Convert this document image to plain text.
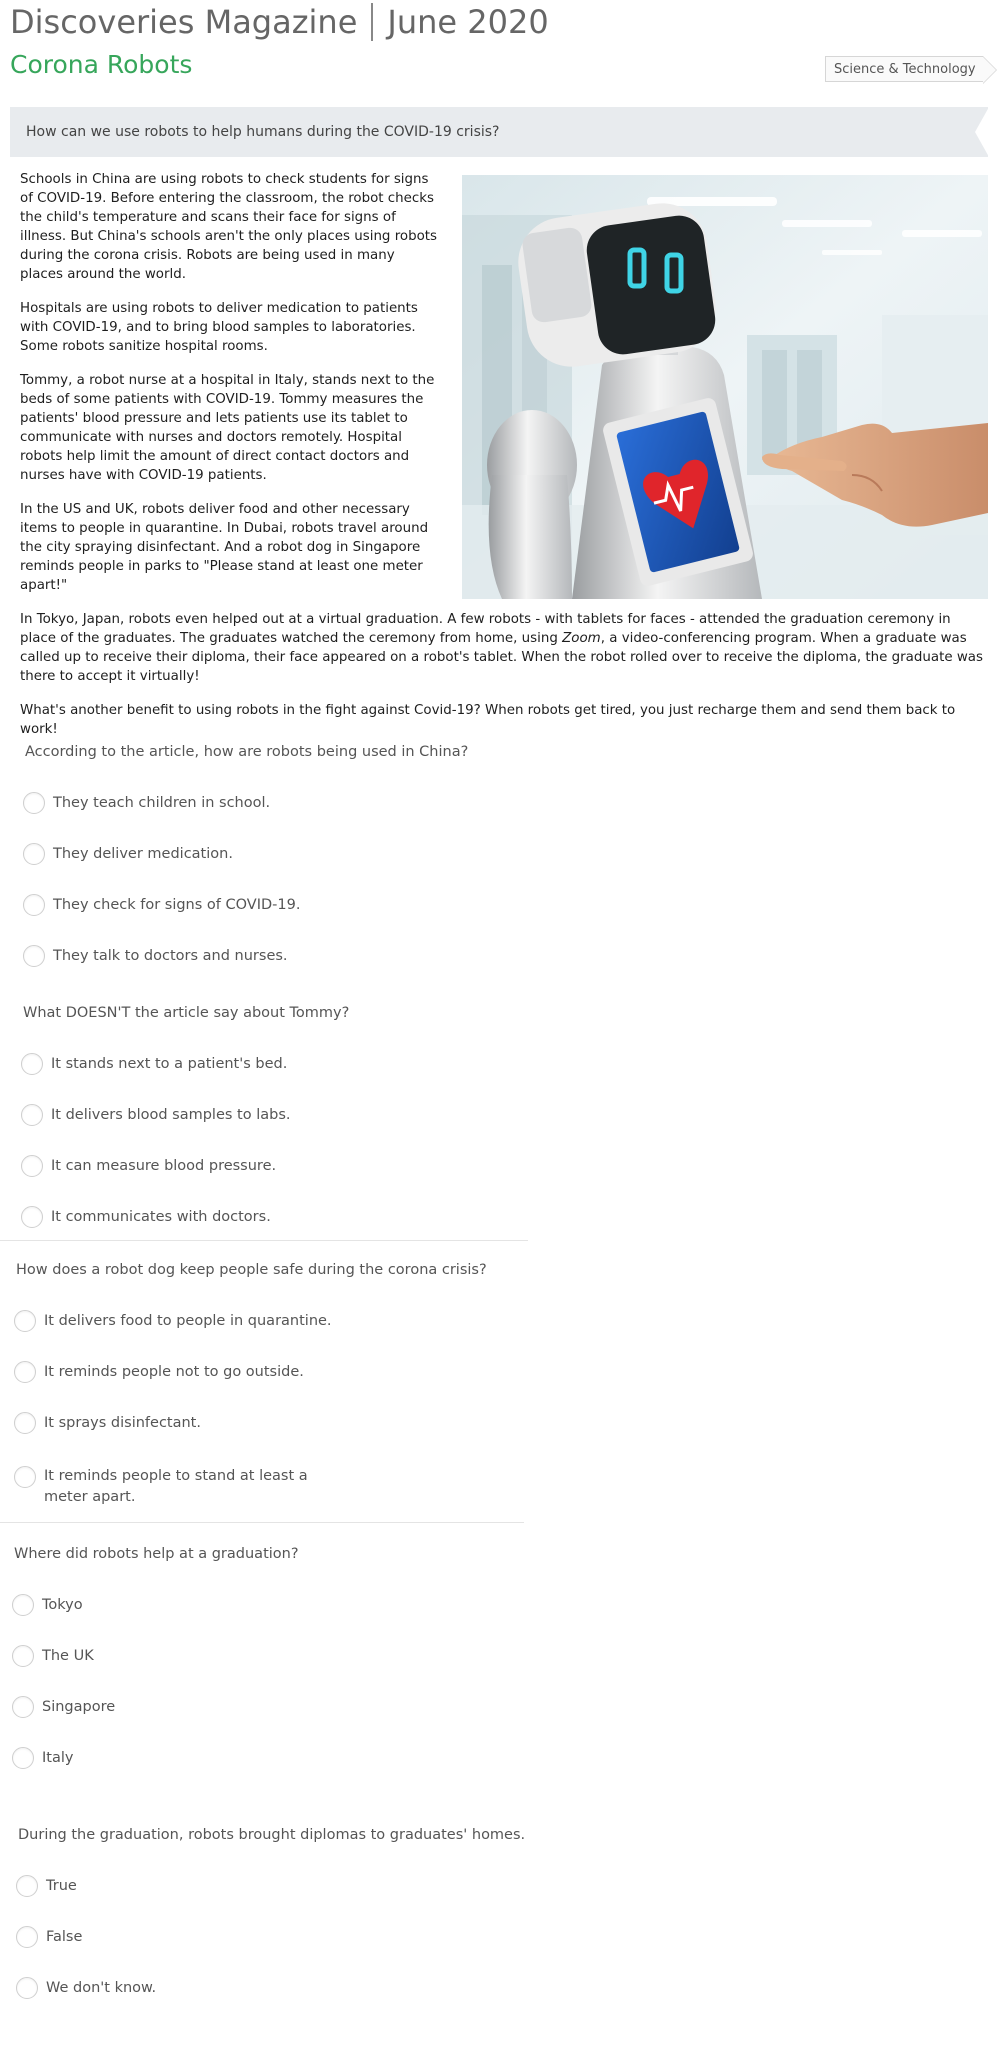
Discoveries Magazine June 2020
Corona Robots	Science & Technology
How can we use robots to help humans during the COVID-19 crisis?

Schools in China are using robots to check students for signs of COVID-19. Before entering the classroom, the robot checks the child's temperature and scans their face for signs of illness. But China's schools aren't the only places using robots during the corona crisis. Robots are being used in many places around the world.

Hospitals are using robots to deliver medication to patients with COVID-19, and to bring blood samples to laboratories. Some robots sanitize hospital rooms.

Tommy, a robot nurse at a hospital in Italy, stands next to the beds of some patients with COVID-19. Tommy measures the patients' blood pressure and lets patients use its tablet to communicate with nurses and doctors remotely. Hospital robots help limit the amount of direct contact doctors and nurses have with COVID-19 patients.

In the US and UK, robots deliver food and other necessary items to people in quarantine. In Dubai, robots travel around the city spraying disinfectant. And a robot dog in Singapore reminds people in parks to "Please stand at least one meter apart!"

In Tokyo, Japan, robots even helped out at a virtual graduation. A few robots - with tablets for faces - attended the graduation ceremony in place of the graduates. The graduates watched the ceremony from home, using Zoom, a video-conferencing program. When a graduate was called up to receive their diploma, their face appeared on a robot's tablet. When the robot rolled over to receive the diploma, the graduate was there to accept it virtually!

What's another benefit to using robots in the fight against Covid-19? When robots get tired, you just recharge them and send them back to work!

According to the article, how are robots being used in China?
They teach children in school.
They deliver medication.
They check for signs of COVID-19.
They talk to doctors and nurses.
What DOESN'T the article say about Tommy?
It stands next to a patient's bed.
It delivers blood samples to labs.
It can measure blood pressure.
It communicates with doctors.
How does a robot dog keep people safe during the corona crisis?
It delivers food to people in quarantine.
It reminds people not to go outside.
It sprays disinfectant.
It reminds people to stand at least a meter apart.
Where did robots help at a graduation?
Tokyo
The UK
Singapore
Italy
During the graduation, robots brought diplomas to graduates' homes.
True
False
We don't know.
